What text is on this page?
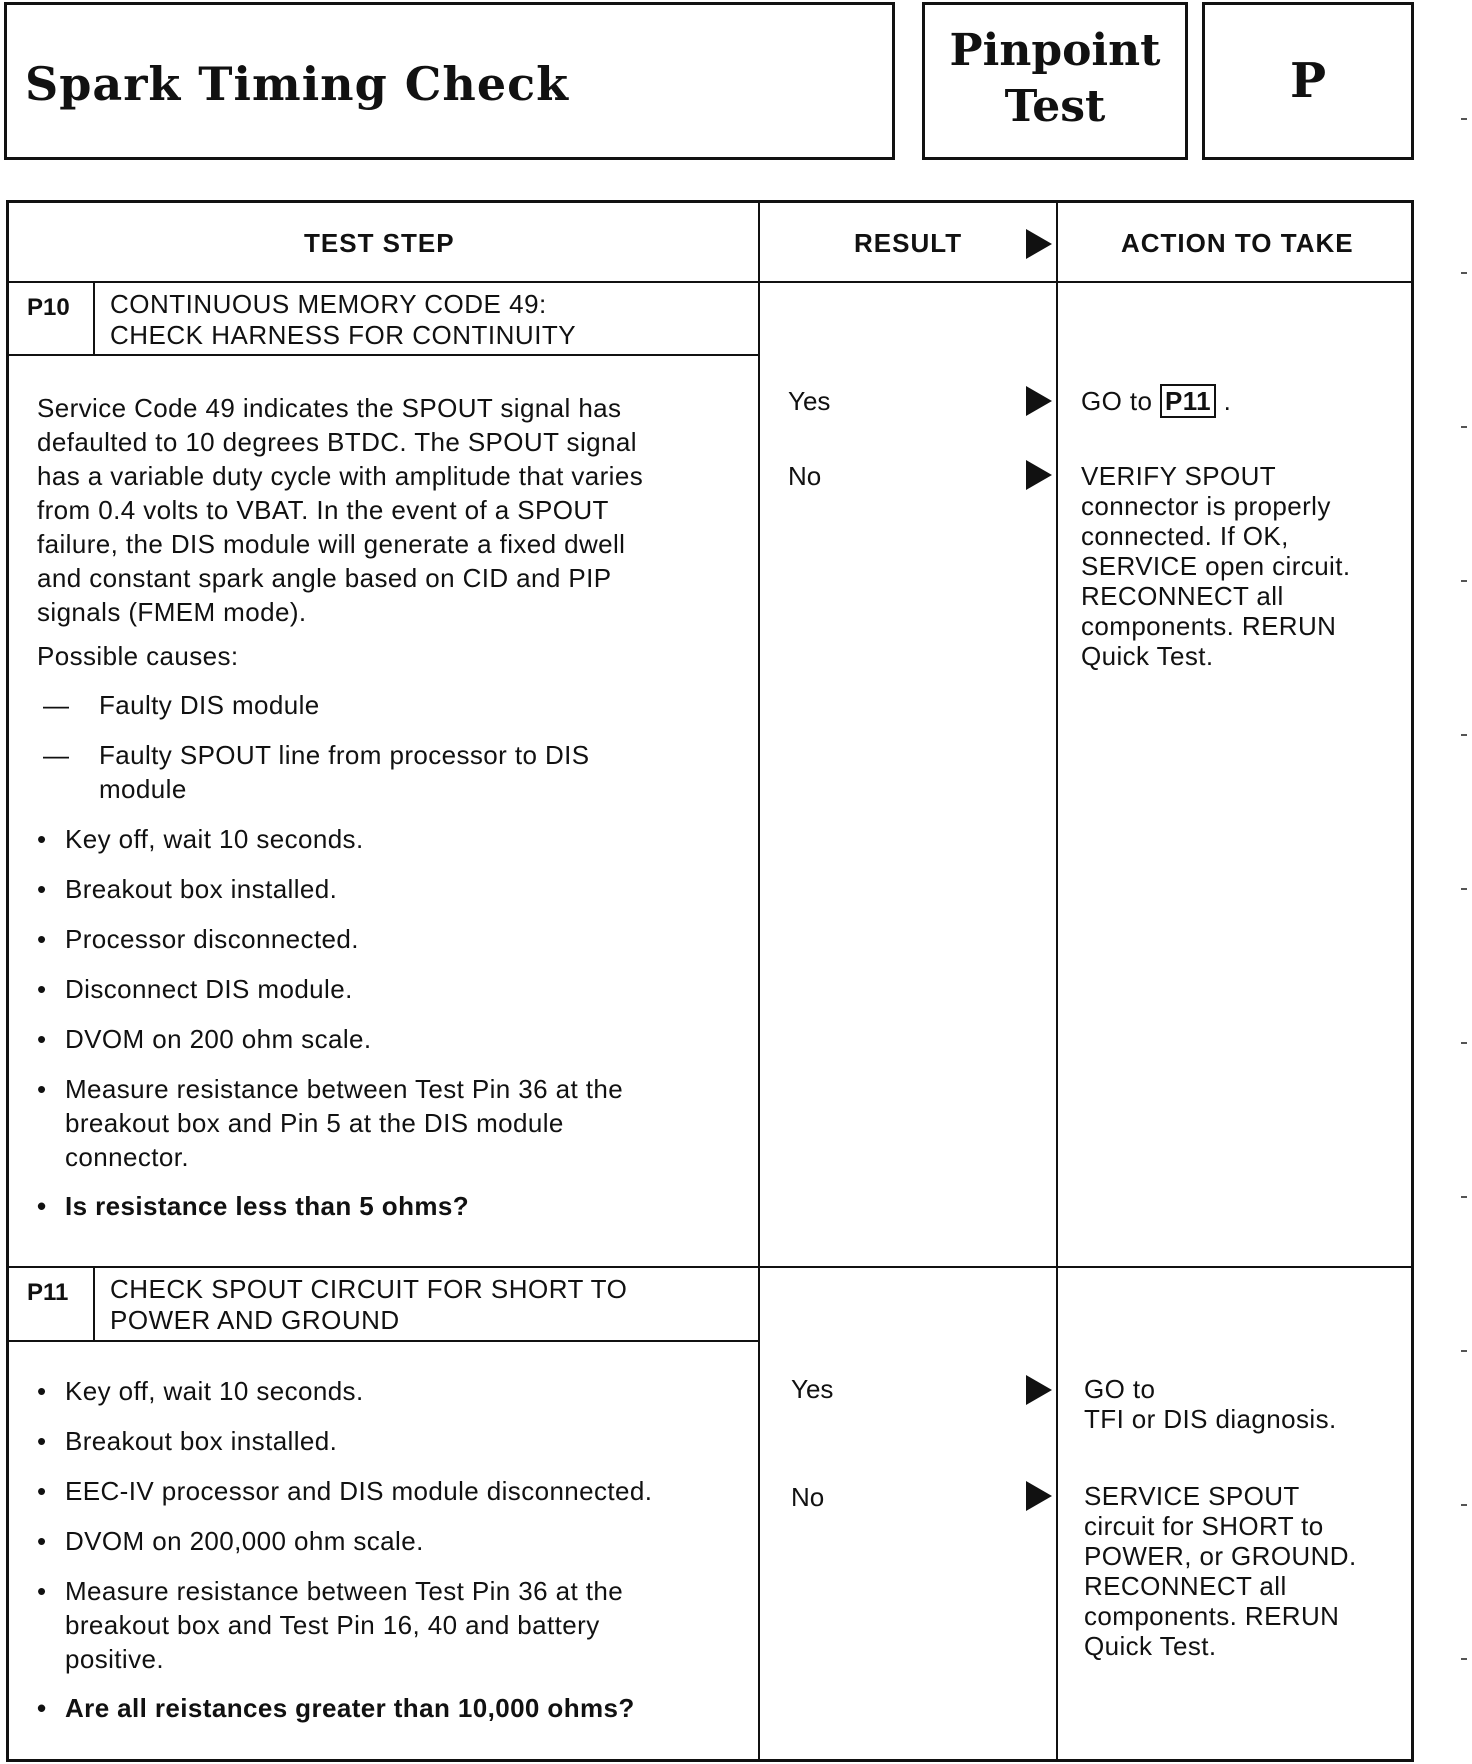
Spark Timing Check
Pinpoint
Test	P
TEST STEP	RESULT	ACTION TO TAKE
P10 CONTINUOUS MEMORY CODE 49:
CHECK HARNESS FOR CONTINUITY
Service Code 49 indicates the SPOUT signal has
defaulted to 10 degrees BTDC. The SPOUT signal
has a variable duty cycle with amplitude that varies
from 0.4 volts to VBAT. In the event of a SPOUT
failure, the DIS module will generate a fixed dwell
and constant spark angle based on CID and PIP
signals (FMEM mode).
Possible causes:
— Faulty DIS module
— Faulty SPOUT line from processor to DIS
module
• Key off, wait 10 seconds.
• Breakout box installed.
• Processor disconnected.
• Disconnect DIS module.
• DVOM on 200 ohm scale.
• Measure resistance between Test Pin 36 at the
breakout box and Pin 5 at the DIS module
connector.
• Is resistance less than 5 ohms?
Yes	GO to P11 .
No	VERIFY SPOUT
connector is properly
connected. If OK,
SERVICE open circuit.
RECONNECT all
components. RERUN
Quick Test.
P11 CHECK SPOUT CIRCUIT FOR SHORT TO
POWER AND GROUND
• Key off, wait 10 seconds.
• Breakout box installed.
• EEC-IV processor and DIS module disconnected.
• DVOM on 200,000 ohm scale.
• Measure resistance between Test Pin 36 at the
breakout box and Test Pin 16, 40 and battery
positive.
• Are all reistances greater than 10,000 ohms?
Yes	GO to
TFI or DIS diagnosis.
No	SERVICE SPOUT
circuit for SHORT to
POWER, or GROUND.
RECONNECT all
components. RERUN
Quick Test.
